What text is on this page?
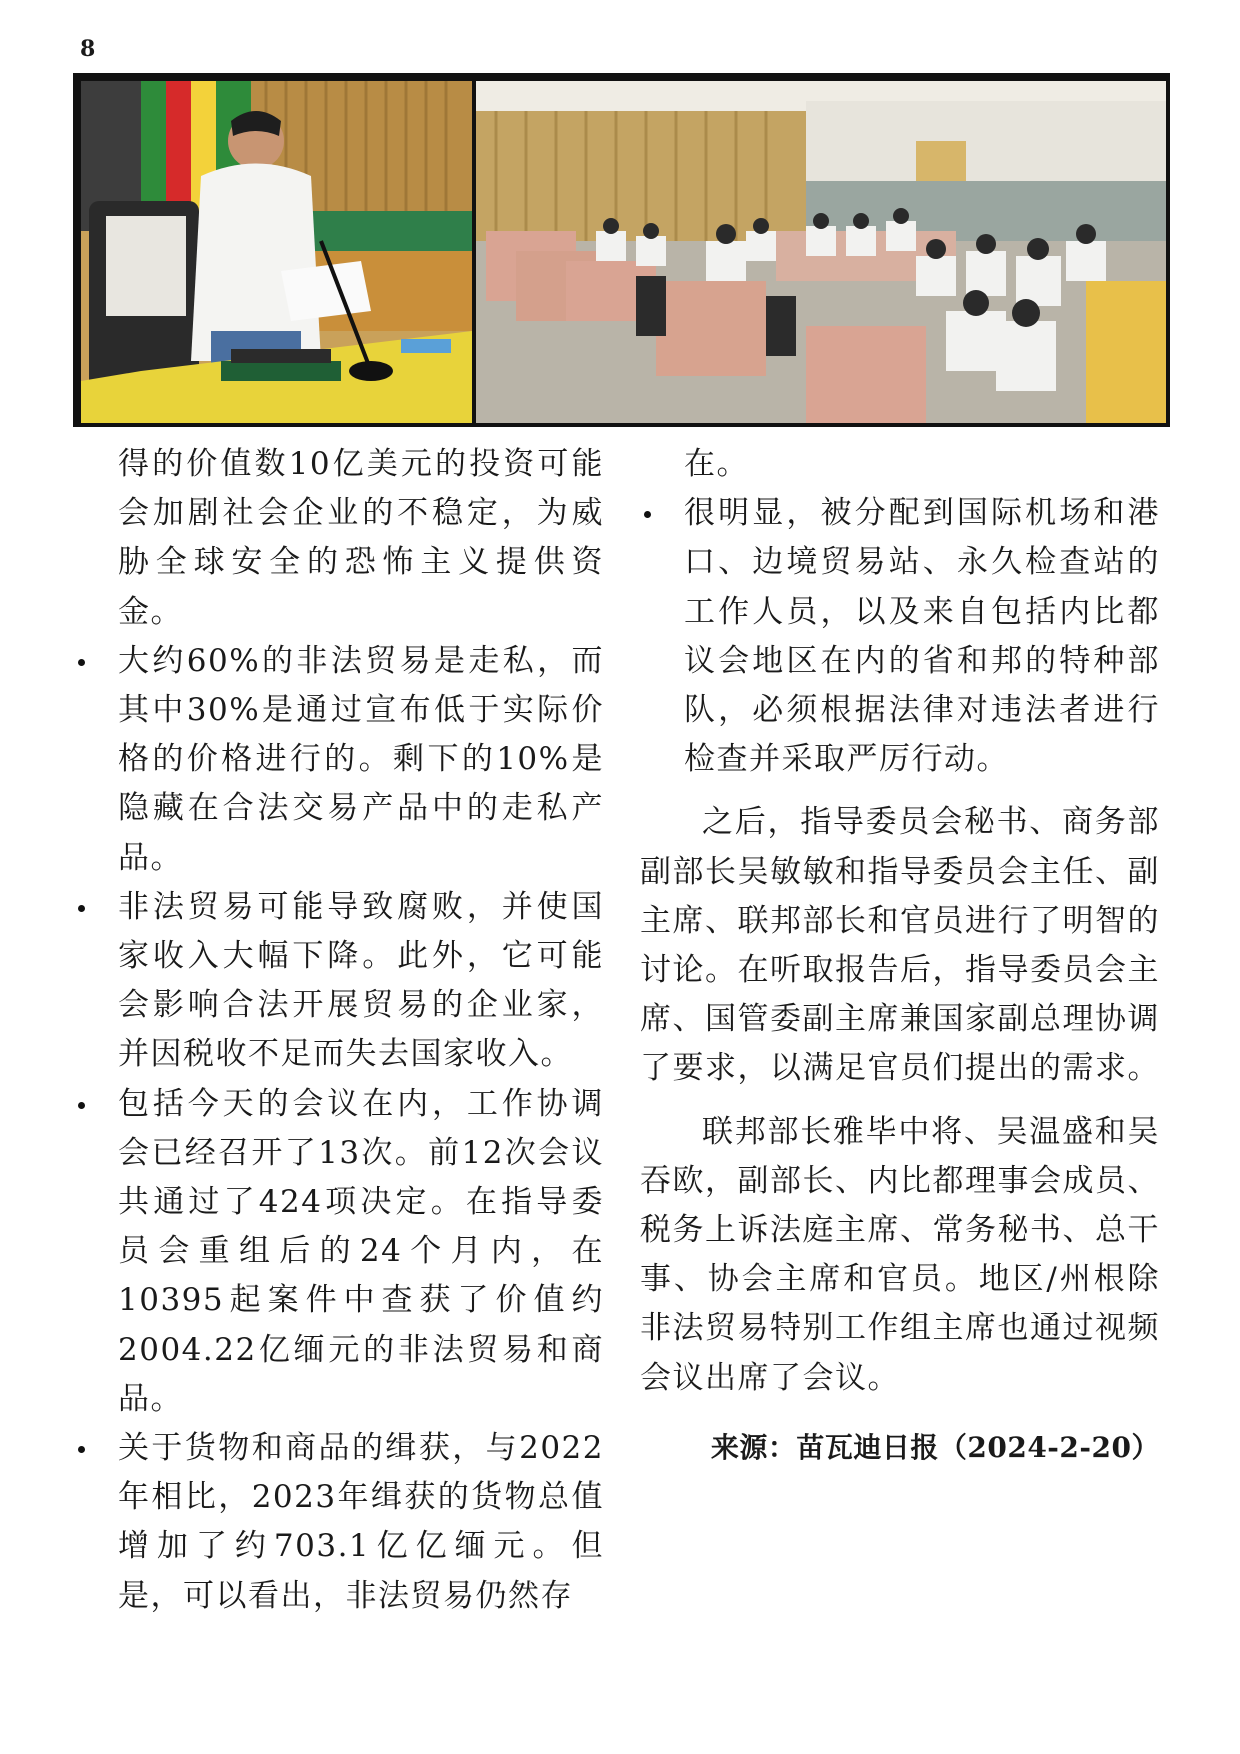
8

得的价值数10亿美元的投资可能会加剧社会企业的不稳定，为威胁全球安全的恐怖主义提供资金。

大约60%的非法贸易是走私，而其中30%是通过宣布低于实际价格的价格进行的。剩下的10%是隐藏在合法交易产品中的走私产品。
非法贸易可能导致腐败，并使国家收入大幅下降。此外，它可能会影响合法开展贸易的企业家，并因税收不足而失去国家收入。
包括今天的会议在内，工作协调会已经召开了13次。前12次会议共通过了424项决定。在指导委员会重组后的24个月内，在10395起案件中查获了价值约2004.22亿缅元的非法贸易和商品。
关于货物和商品的缉获，与2022年相比，2023年缉获的货物总值增加了约703.1亿亿缅元。但是，可以看出，非法贸易仍然存

在。

很明显，被分配到国际机场和港口、边境贸易站、永久检查站的工作人员，以及来自包括内比都议会地区在内的省和邦的特种部队，必须根据法律对违法者进行检查并采取严厉行动。

之后，指导委员会秘书、商务部副部长吴敏敏和指导委员会主任、副主席、联邦部长和官员进行了明智的讨论。在听取报告后，指导委员会主席、国管委副主席兼国家副总理协调了要求，以满足官员们提出的需求。

联邦部长雅毕中将、吴温盛和吴吞欧，副部长、内比都理事会成员、税务上诉法庭主席、常务秘书、总干事、协会主席和官员。地区/州根除非法贸易特别工作组主席也通过视频会议出席了会议。

来源：苗瓦迪日报（2024-2-20）
